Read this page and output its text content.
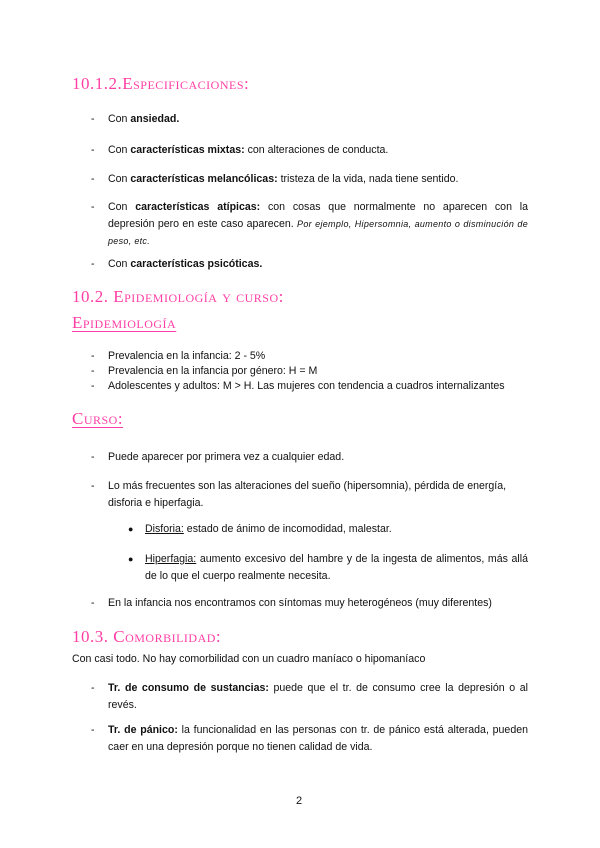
10.1.2.Especificaciones:
- Con ansiedad.
- Con características mixtas: con alteraciones de conducta.
- Con características melancólicas: tristeza de la vida, nada tiene sentido.
- Con características atípicas: con cosas que normalmente no aparecen con la depresión pero en este caso aparecen. Por ejemplo, Hipersomnia, aumento o disminución de peso, etc.
- Con características psicóticas.
10.2. Epidemiología y curso:
Epidemiología
- Prevalencia en la infancia: 2 - 5%
- Prevalencia en la infancia por género: H = M
- Adolescentes y adultos: M > H. Las mujeres con tendencia a cuadros internalizantes
Curso:
- Puede aparecer por primera vez a cualquier edad.
- Lo más frecuentes son las alteraciones del sueño (hipersomnia), pérdida de energía, disforia e hiperfagia.
● Disforia: estado de ánimo de incomodidad, malestar.
● Hiperfagia: aumento excesivo del hambre y de la ingesta de alimentos, más allá de lo que el cuerpo realmente necesita.
- En la infancia nos encontramos con síntomas muy heterogéneos (muy diferentes)
10.3. Comorbilidad:
Con casi todo. No hay comorbilidad con un cuadro maníaco o hipomaníaco
- Tr. de consumo de sustancias: puede que el tr. de consumo cree la depresión o al revés.
- Tr. de pánico: la funcionalidad en las personas con tr. de pánico está alterada, pueden caer en una depresión porque no tienen calidad de vida.
2
